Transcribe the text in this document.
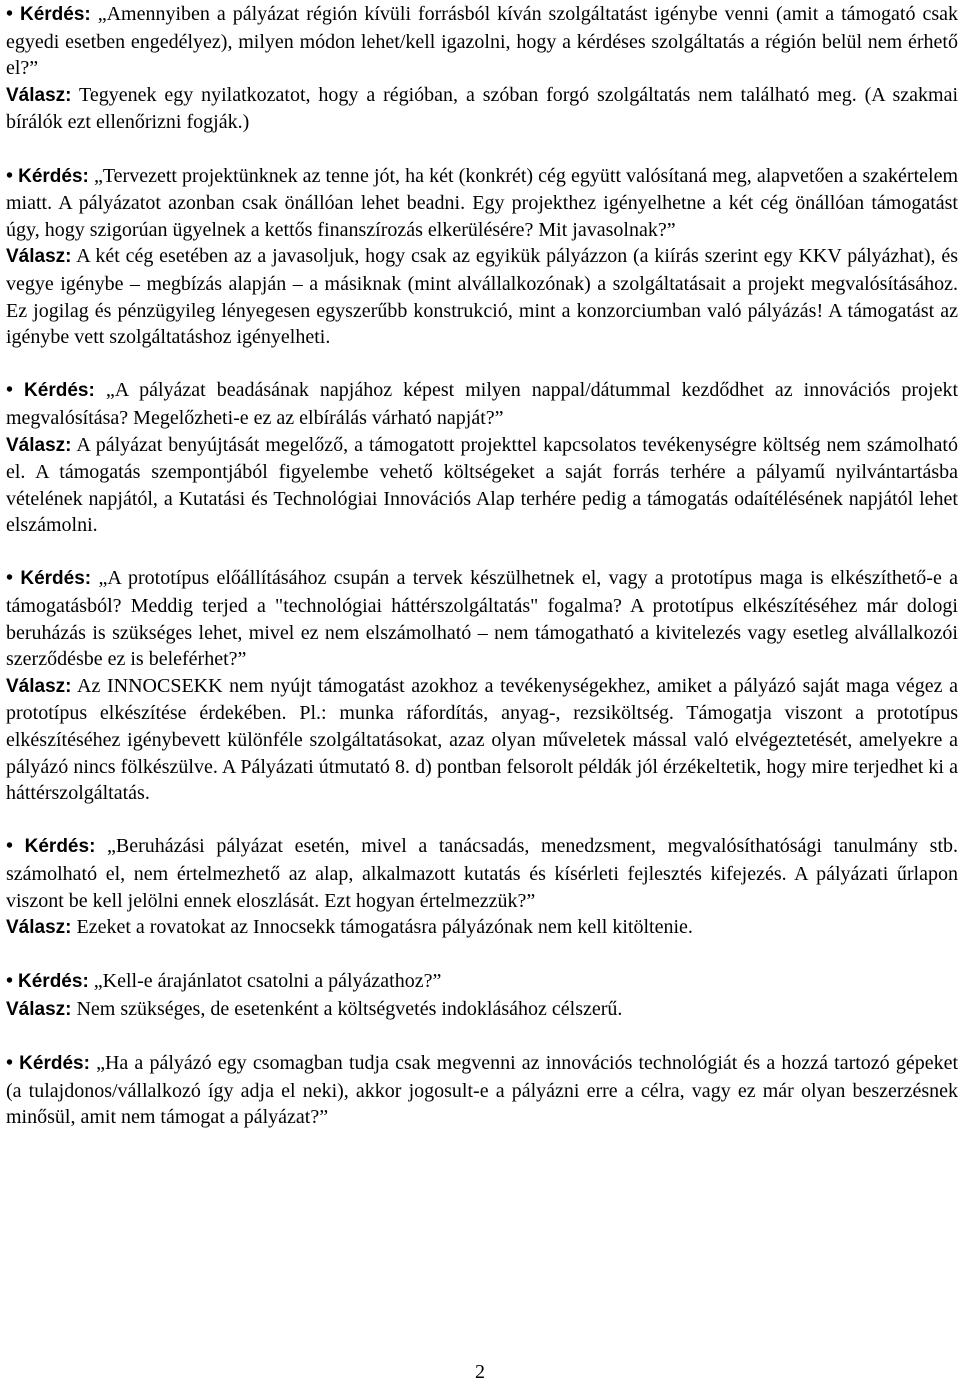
• Kérdés: „Amennyiben a pályázat régión kívüli forrásból kíván szolgáltatást igénybe venni (amit a támogató csak egyedi esetben engedélyez), milyen módon lehet/kell igazolni, hogy a kérdéses szolgáltatás a régión belül nem érhető el?”

Válasz: Tegyenek egy nyilatkozatot, hogy a régióban, a szóban forgó szolgáltatás nem található meg. (A szakmai bírálók ezt ellenőrizni fogják.)

• Kérdés: „Tervezett projektünknek az tenne jót, ha két (konkrét) cég együtt valósítaná meg, alapvetően a szakértelem miatt. A pályázatot azonban csak önállóan lehet beadni. Egy projekthez igényelhetne a két cég önállóan támogatást úgy, hogy szigorúan ügyelnek a kettős finanszírozás elkerülésére? Mit javasolnak?”

Válasz: A két cég esetében az a javasoljuk, hogy csak az egyikük pályázzon (a kiírás szerint egy KKV pályázhat), és vegye igénybe – megbízás alapján – a másiknak (mint alvállalkozónak) a szolgáltatásait a projekt megvalósításához. Ez jogilag és pénzügyileg lényegesen egyszerűbb konstrukció, mint a konzorciumban való pályázás! A támogatást az igénybe vett szolgáltatáshoz igényelheti.

• Kérdés: „A pályázat beadásának napjához képest milyen nappal/dátummal kezdődhet az innovációs projekt megvalósítása? Megelőzheti-e ez az elbírálás várható napját?”

Válasz: A pályázat benyújtását megelőző, a támogatott projekttel kapcsolatos tevékenységre költség nem számolható el. A támogatás szempontjából figyelembe vehető költségeket a saját forrás terhére a pályamű nyilvántartásba vételének napjától, a Kutatási és Technológiai Innovációs Alap terhére pedig a támogatás odaítélésének napjától lehet elszámolni.

• Kérdés: „A prototípus előállításához csupán a tervek készülhetnek el, vagy a prototípus maga is elkészíthető-e a támogatásból? Meddig terjed a "technológiai háttérszolgáltatás" fogalma? A prototípus elkészítéséhez már dologi beruházás is szükséges lehet, mivel ez nem elszámolható – nem támogatható a kivitelezés vagy esetleg alvállalkozói szerződésbe ez is beleférhet?”

Válasz: Az INNOCSEKK nem nyújt támogatást azokhoz a tevékenységekhez, amiket a pályázó saját maga végez a prototípus elkészítése érdekében. Pl.: munka ráfordítás, anyag-, rezsiköltség. Támogatja viszont a prototípus elkészítéséhez igénybevett különféle szolgáltatásokat, azaz olyan műveletek mással való elvégeztetését, amelyekre a pályázó nincs fölkészülve. A Pályázati útmutató 8. d) pontban felsorolt példák jól érzékeltetik, hogy mire terjedhet ki a háttérszolgáltatás.

• Kérdés: „Beruházási pályázat esetén, mivel a tanácsadás, menedzsment, megvalósíthatósági tanulmány stb. számolható el, nem értelmezhető az alap, alkalmazott kutatás és kísérleti fejlesztés kifejezés. A pályázati űrlapon viszont be kell jelölni ennek eloszlását. Ezt hogyan értelmezzük?”

Válasz: Ezeket a rovatokat az Innocsekk támogatásra pályázónak nem kell kitöltenie.

• Kérdés: „Kell-e árajánlatot csatolni a pályázathoz?”

Válasz: Nem szükséges, de esetenként a költségvetés indoklásához célszerű.

• Kérdés: „Ha a pályázó egy csomagban tudja csak megvenni az innovációs technológiát és a hozzá tartozó gépeket (a tulajdonos/vállalkozó így adja el neki), akkor jogosult-e a pályázni erre a célra, vagy ez már olyan beszerzésnek minősül, amit nem támogat a pályázat?”

2
